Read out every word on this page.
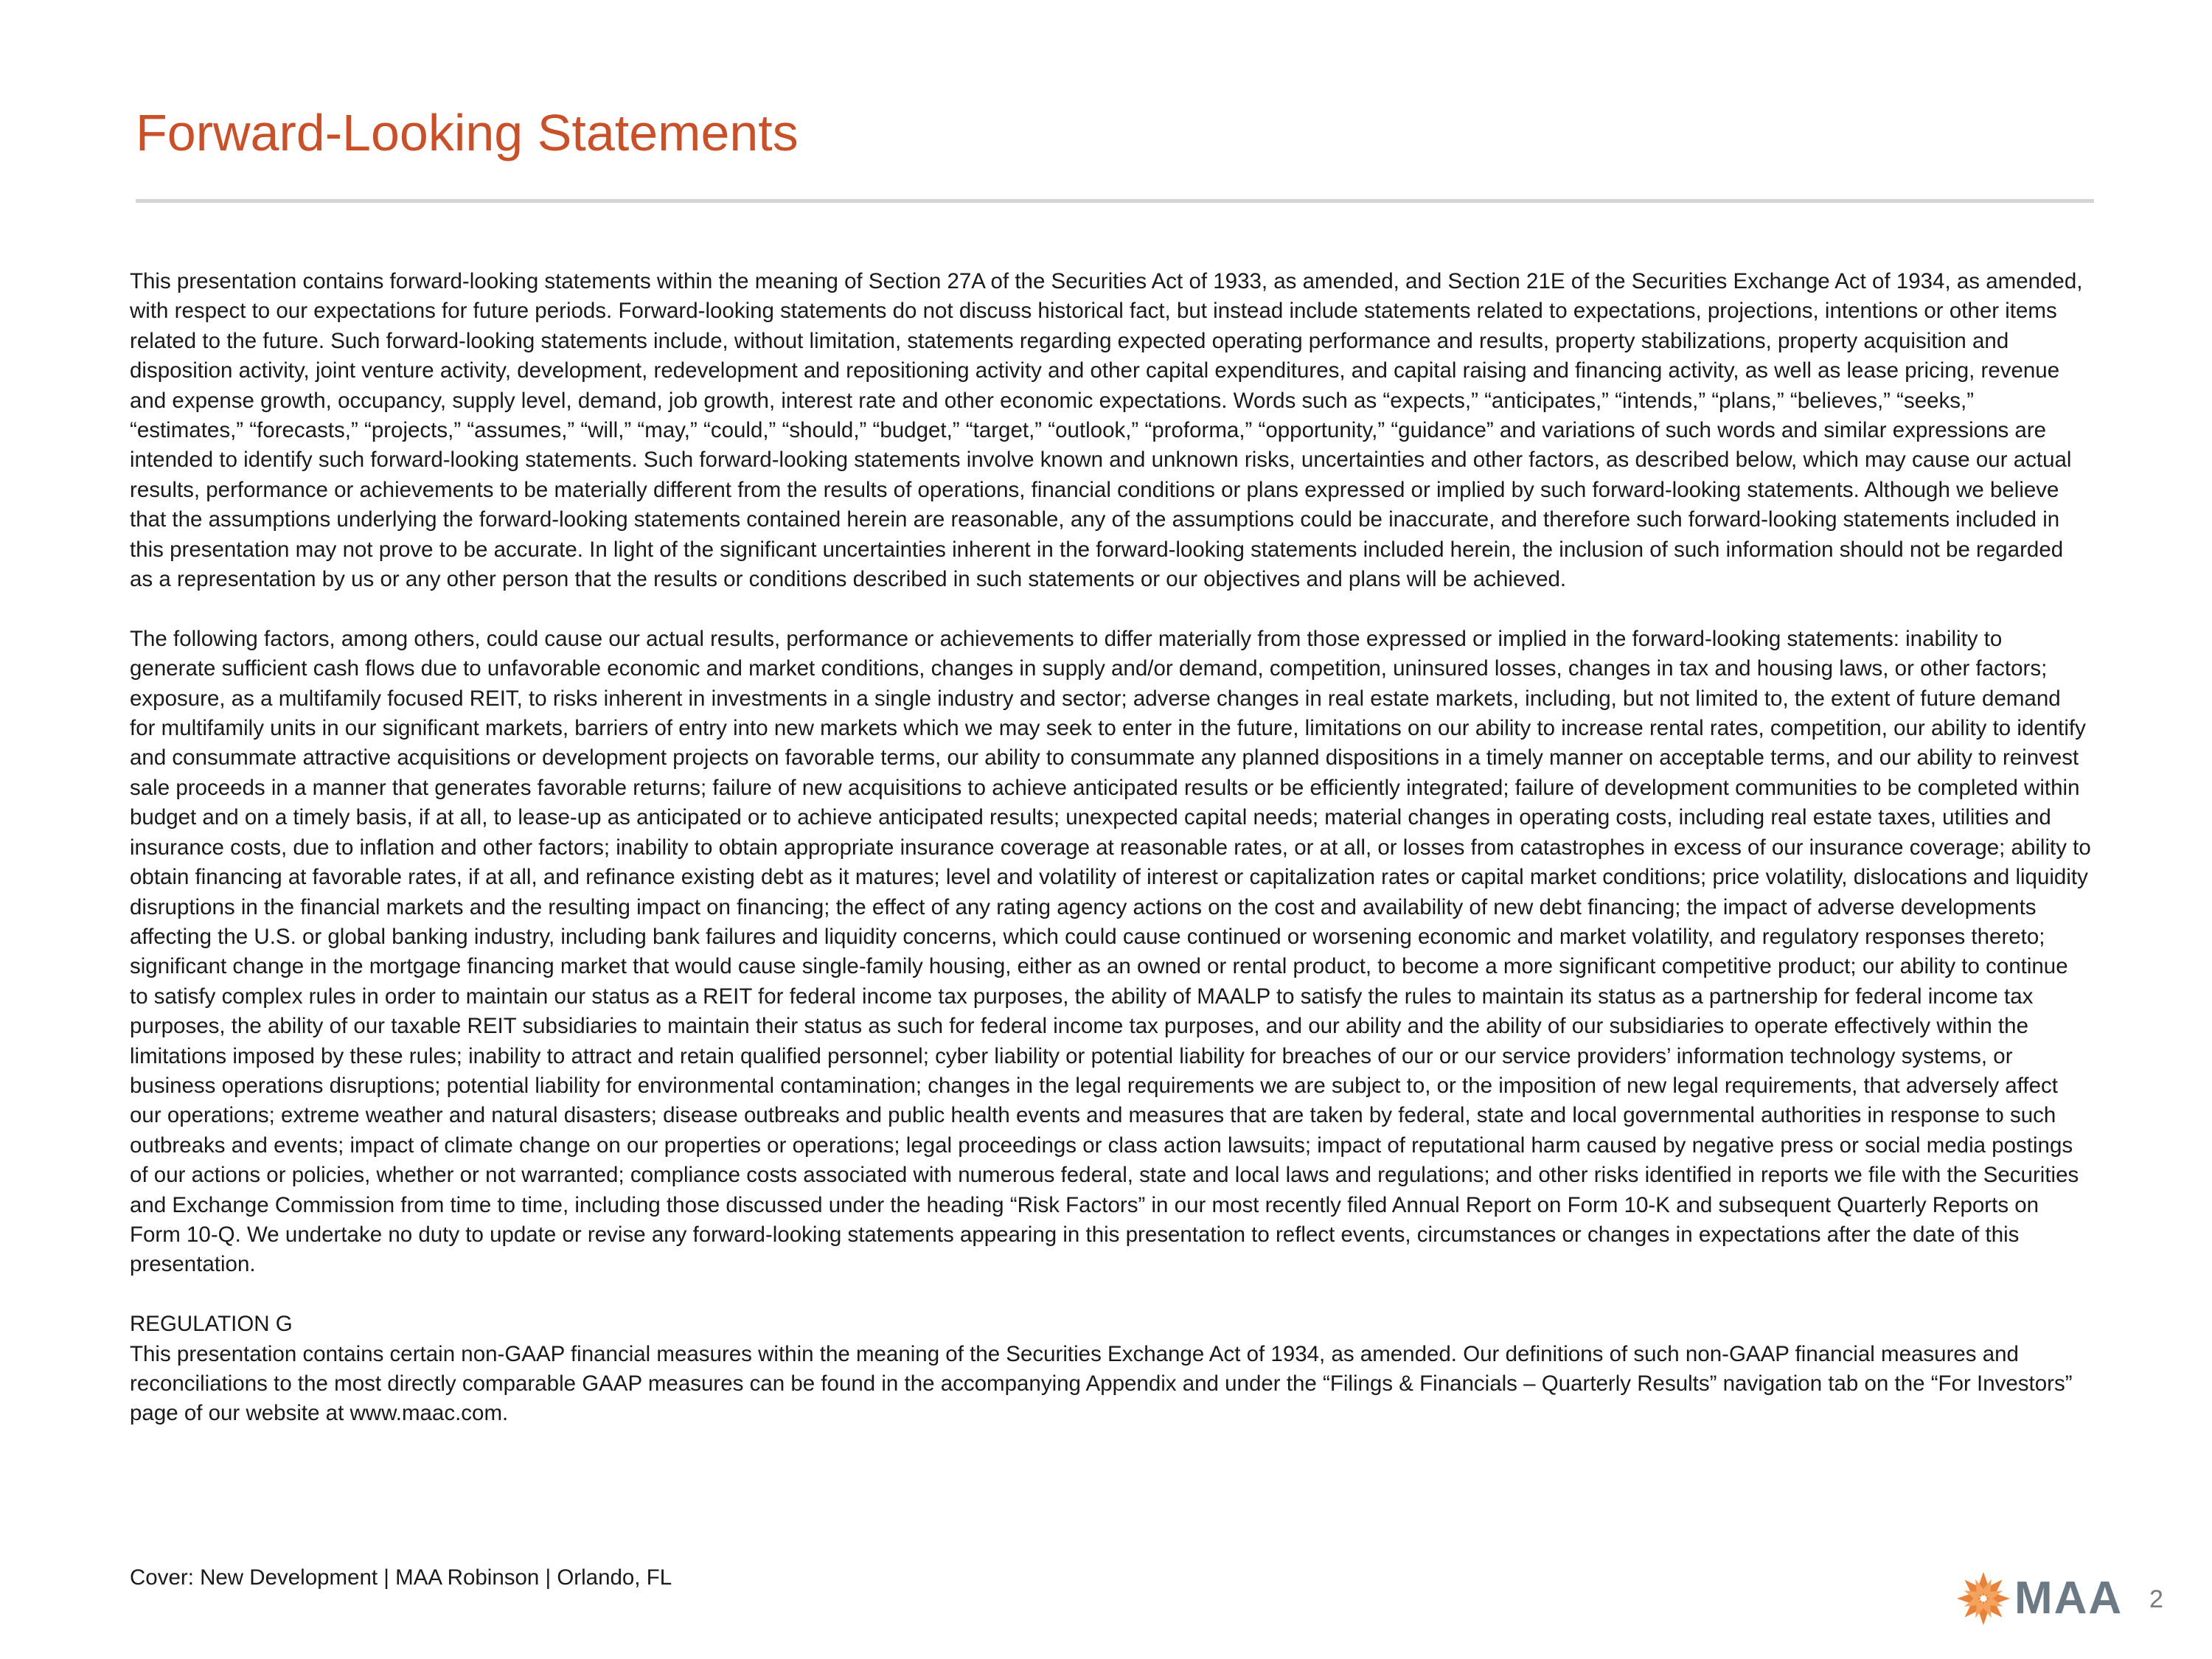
Forward-Looking Statements

This presentation contains forward-looking statements within the meaning of Section 27A of the Securities Act of 1933, as amended, and Section 21E of the Securities Exchange Act of 1934, as amended, with respect to our expectations for future periods. Forward-looking statements do not discuss historical fact, but instead include statements related to expectations, projections, intentions or other items related to the future. Such forward-looking statements include, without limitation, statements regarding expected operating performance and results, property stabilizations, property acquisition and disposition activity, joint venture activity, development, redevelopment and repositioning activity and other capital expenditures, and capital raising and financing activity, as well as lease pricing, revenue and expense growth, occupancy, supply level, demand, job growth, interest rate and other economic expectations. Words such as “expects,” “anticipates,” “intends,” “plans,” “believes,” “seeks,” “estimates,” “forecasts,” “projects,” “assumes,” “will,” “may,” “could,” “should,” “budget,” “target,” “outlook,” “proforma,” “opportunity,” “guidance” and variations of such words and similar expressions are intended to identify such forward-looking statements. Such forward-looking statements involve known and unknown risks, uncertainties and other factors, as described below, which may cause our actual results, performance or achievements to be materially different from the results of operations, financial conditions or plans expressed or implied by such forward-looking statements. Although we believe that the assumptions underlying the forward-looking statements contained herein are reasonable, any of the assumptions could be inaccurate, and therefore such forward-looking statements included in this presentation may not prove to be accurate. In light of the significant uncertainties inherent in the forward-looking statements included herein, the inclusion of such information should not be regarded as a representation by us or any other person that the results or conditions described in such statements or our objectives and plans will be achieved.

The following factors, among others, could cause our actual results, performance or achievements to differ materially from those expressed or implied in the forward-looking statements: inability to generate sufficient cash flows due to unfavorable economic and market conditions, changes in supply and/or demand, competition, uninsured losses, changes in tax and housing laws, or other factors; exposure, as a multifamily focused REIT, to risks inherent in investments in a single industry and sector; adverse changes in real estate markets, including, but not limited to, the extent of future demand for multifamily units in our significant markets, barriers of entry into new markets which we may seek to enter in the future, limitations on our ability to increase rental rates, competition, our ability to identify and consummate attractive acquisitions or development projects on favorable terms, our ability to consummate any planned dispositions in a timely manner on acceptable terms, and our ability to reinvest sale proceeds in a manner that generates favorable returns; failure of new acquisitions to achieve anticipated results or be efficiently integrated; failure of development communities to be completed within budget and on a timely basis, if at all, to lease-up as anticipated or to achieve anticipated results; unexpected capital needs; material changes in operating costs, including real estate taxes, utilities and insurance costs, due to inflation and other factors; inability to obtain appropriate insurance coverage at reasonable rates, or at all, or losses from catastrophes in excess of our insurance coverage; ability to obtain financing at favorable rates, if at all, and refinance existing debt as it matures; level and volatility of interest or capitalization rates or capital market conditions; price volatility, dislocations and liquidity disruptions in the financial markets and the resulting impact on financing; the effect of any rating agency actions on the cost and availability of new debt financing; the impact of adverse developments affecting the U.S. or global banking industry, including bank failures and liquidity concerns, which could cause continued or worsening economic and market volatility, and regulatory responses thereto; significant change in the mortgage financing market that would cause single-family housing, either as an owned or rental product, to become a more significant competitive product; our ability to continue to satisfy complex rules in order to maintain our status as a REIT for federal income tax purposes, the ability of MAALP to satisfy the rules to maintain its status as a partnership for federal income tax purposes, the ability of our taxable REIT subsidiaries to maintain their status as such for federal income tax purposes, and our ability and the ability of our subsidiaries to operate effectively within the limitations imposed by these rules; inability to attract and retain qualified personnel; cyber liability or potential liability for breaches of our or our service providers’ information technology systems, or business operations disruptions; potential liability for environmental contamination; changes in the legal requirements we are subject to, or the imposition of new legal requirements, that adversely affect our operations; extreme weather and natural disasters; disease outbreaks and public health events and measures that are taken by federal, state and local governmental authorities in response to such outbreaks and events; impact of climate change on our properties or operations; legal proceedings or class action lawsuits; impact of reputational harm caused by negative press or social media postings of our actions or policies, whether or not warranted; compliance costs associated with numerous federal, state and local laws and regulations; and other risks identified in reports we file with the Securities and Exchange Commission from time to time, including those discussed under the heading “Risk Factors” in our most recently filed Annual Report on Form 10-K and subsequent Quarterly Reports on Form 10-Q. We undertake no duty to update or revise any forward-looking statements appearing in this presentation to reflect events, circumstances or changes in expectations after the date of this presentation.

REGULATION G

This presentation contains certain non-GAAP financial measures within the meaning of the Securities Exchange Act of 1934, as amended. Our definitions of such non-GAAP financial measures and reconciliations to the most directly comparable GAAP measures can be found in the accompanying Appendix and under the “Filings & Financials – Quarterly Results” navigation tab on the “For Investors” page of our website at www.maac.com.

Cover: New Development | MAA Robinson | Orlando, FL	MAA 2
